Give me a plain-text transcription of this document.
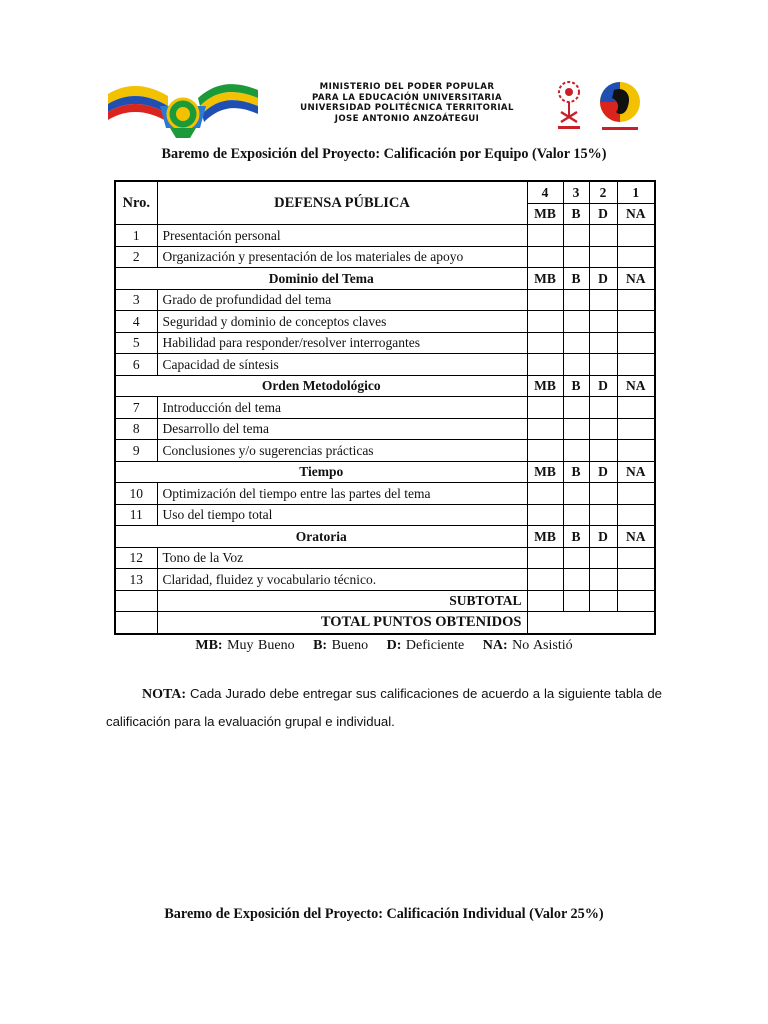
MINISTERIO DEL PODER POPULAR
PARA LA EDUCACIÓN UNIVERSITARIA
UNIVERSIDAD POLITÉCNICA TERRITORIAL
JOSE ANTONIO ANZOÁTEGUI
Baremo de Exposición del Proyecto: Calificación por Equipo (Valor 15%)
Nro.	DEFENSA PÚBLICA	4	3	2	1
		MB	B	D	NA
1	Presentación personal				
2	Organización y presentación de los materiales de apoyo				
Dominio del Tema		MB	B	D	NA
3	Grado de profundidad del tema				
4	Seguridad y dominio de conceptos claves				
5	Habilidad para responder/resolver interrogantes				
6	Capacidad de síntesis				
Orden Metodológico		MB	B	D	NA
7	Introducción del tema				
8	Desarrollo del tema				
9	Conclusiones y/o sugerencias prácticas				
Tiempo		MB	B	D	NA
10	Optimización del tiempo entre las partes del tema				
11	Uso del tiempo total				
Oratoria		MB	B	D	NA
12	Tono de la Voz				
13	Claridad, fluidez y vocabulario técnico.				
	SUBTOTAL				
	TOTAL PUNTOS OBTENIDOS				
MB: Muy Bueno B: Bueno D: Deficiente NA: No Asistió
NOTA: Cada Jurado debe entregar sus calificaciones de acuerdo a la siguiente tabla de calificación para la evaluación grupal e individual.
Baremo de Exposición del Proyecto: Calificación Individual (Valor 25%)
